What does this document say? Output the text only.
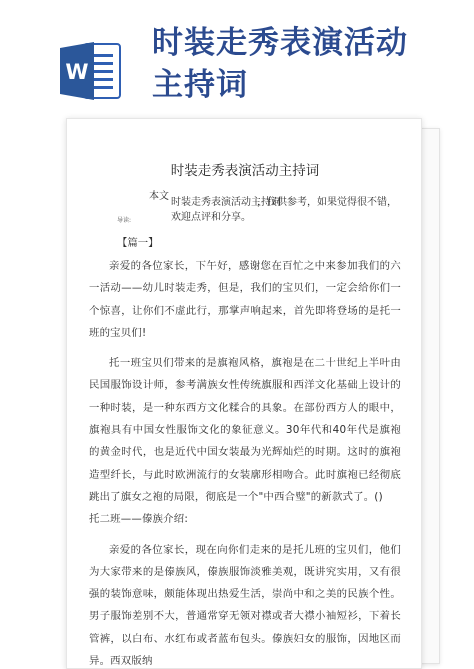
W
时装走秀表演活动
主持词
时装走秀表演活动主持词
导读:
本文
时装走秀表演活动主持词
，仅供参考，如果觉得很不错，
欢迎点评和分享。
【篇一】

亲爱的各位家长，下午好，感谢您在百忙之中来参加我们的六一活动——幼儿时装走秀，但是，我们的宝贝们，一定会给你们一个惊喜，让你们不虚此行，那掌声响起来，首先即将登场的是托一班的宝贝们!

托一班宝贝们带来的是旗袍风格，旗袍是在二十世纪上半叶由民国服饰设计师，参考满族女性传统旗服和西洋文化基础上设计的一种时装，是一种东西方文化糅合的具象。在部份西方人的眼中，旗袍具有中国女性服饰文化的象征意义。30年代和40年代是旗袍的黄金时代，也是近代中国女装最为光辉灿烂的时期。这时的旗袍造型纤长，与此时欧洲流行的女装廓形相吻合。此时旗袍已经彻底跳出了旗女之袍的局限，彻底是一个"中西合璧"的新款式了。()

托二班——傣族介绍:

亲爱的各位家长，现在向你们走来的是托儿班的宝贝们，他们为大家带来的是傣族风，傣族服饰淡雅美观，既讲究实用，又有很强的装饰意味，颇能体现出热爱生活，崇尚中和之美的民族个性。男子服饰差别不大，普通常穿无领对襟或者大襟小袖短衫，下着长管裤，以白布、水红布或者蓝布包头。傣族妇女的服饰，因地区而异。西双版纳
